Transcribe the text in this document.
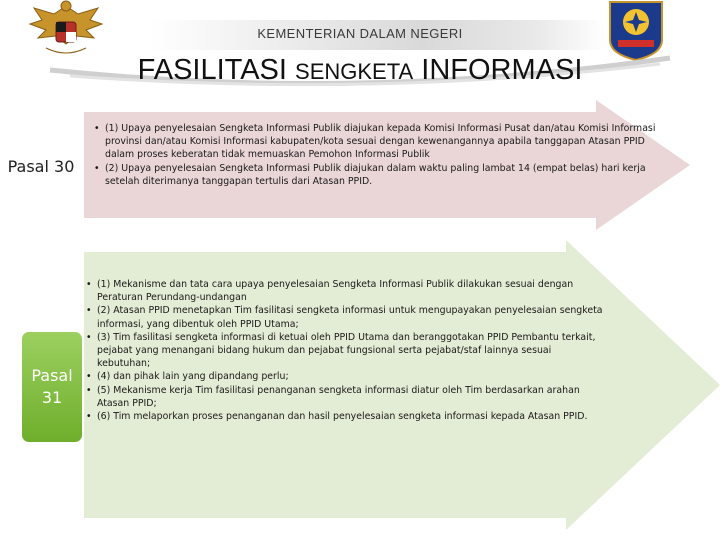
KEMENTERIAN DALAM NEGERI
FASILITASI SENGKETA INFORMASI
Pasal 30
• (1) Upaya penyelesaian Sengketa Informasi Publik diajukan kepada Komisi Informasi Pusat dan/atau Komisi Informasi provinsi dan/atau Komisi Informasi kabupaten/kota sesuai dengan kewenangannya apabila tanggapan Atasan PPID dalam proses keberatan tidak memuaskan Pemohon Informasi Publik
• (2) Upaya penyelesaian Sengketa Informasi Publik diajukan dalam waktu paling lambat 14 (empat belas) hari kerja setelah diterimanya tanggapan tertulis dari Atasan PPID.
Pasal
31
• (1) Mekanisme dan tata cara upaya penyelesaian Sengketa Informasi Publik dilakukan sesuai dengan Peraturan Perundang-undangan
• (2) Atasan PPID menetapkan Tim fasilitasi sengketa informasi untuk mengupayakan penyelesaian sengketa informasi, yang dibentuk oleh PPID Utama;
• (3) Tim fasilitasi sengketa informasi di ketuai oleh PPID Utama dan beranggotakan PPID Pembantu terkait, pejabat yang menangani bidang hukum dan pejabat fungsional serta pejabat/staf lainnya sesuai kebutuhan;
• (4) dan pihak lain yang dipandang perlu;
• (5) Mekanisme kerja Tim fasilitasi penanganan sengketa informasi diatur oleh Tim berdasarkan arahan Atasan PPID;
• (6) Tim melaporkan proses penanganan dan hasil penyelesaian sengketa informasi kepada Atasan PPID.
